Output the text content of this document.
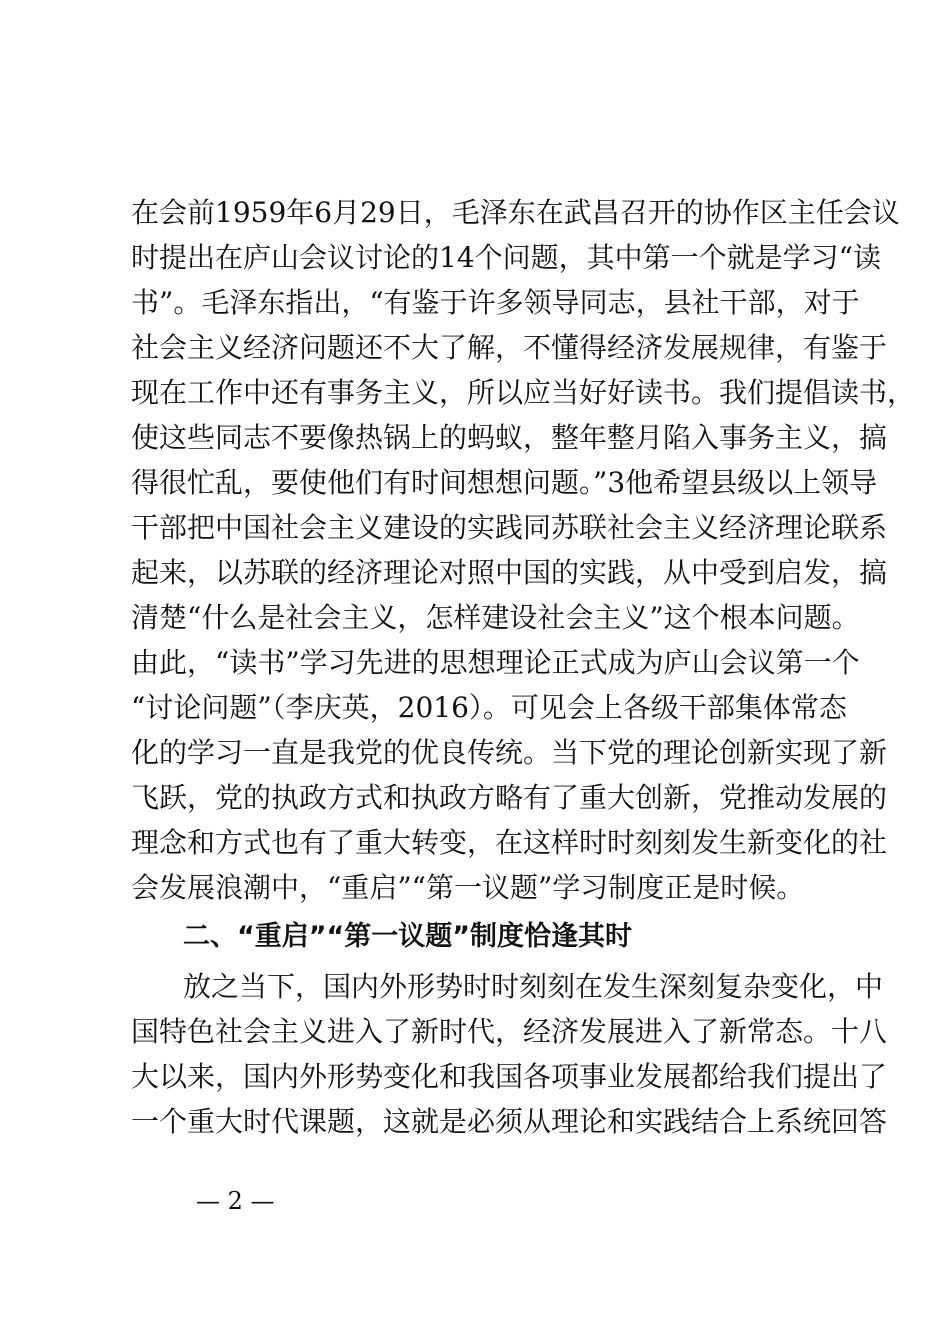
在会前1959年6月29日，毛泽东在武昌召开的协作区主任会议
时提出在庐山会议讨论的14个问题，其中第一个就是学习“读
书”。毛泽东指出，“有鉴于许多领导同志，县社干部，对于
社会主义经济问题还不大了解，不懂得经济发展规律，有鉴于
现在工作中还有事务主义，所以应当好好读书。我们提倡读书，
使这些同志不要像热锅上的蚂蚁，整年整月陷入事务主义，搞
得很忙乱，要使他们有时间想想问题。”3他希望县级以上领导
干部把中国社会主义建设的实践同苏联社会主义经济理论联系
起来，以苏联的经济理论对照中国的实践，从中受到启发，搞
清楚“什么是社会主义，怎样建设社会主义”这个根本问题。
由此，“读书”学习先进的思想理论正式成为庐山会议第一个
“讨论问题”（李庆英，2016）。可见会上各级干部集体常态
化的学习一直是我党的优良传统。当下党的理论创新实现了新
飞跃，党的执政方式和执政方略有了重大创新，党推动发展的
理念和方式也有了重大转变，在这样时时刻刻发生新变化的社
会发展浪潮中，“重启”“第一议题”学习制度正是时候。
二、“重启”“第一议题”制度恰逢其时
放之当下，国内外形势时时刻刻在发生深刻复杂变化，中
国特色社会主义进入了新时代，经济发展进入了新常态。十八
大以来，国内外形势变化和我国各项事业发展都给我们提出了
一个重大时代课题，这就是必须从理论和实践结合上系统回答
— 2 —
